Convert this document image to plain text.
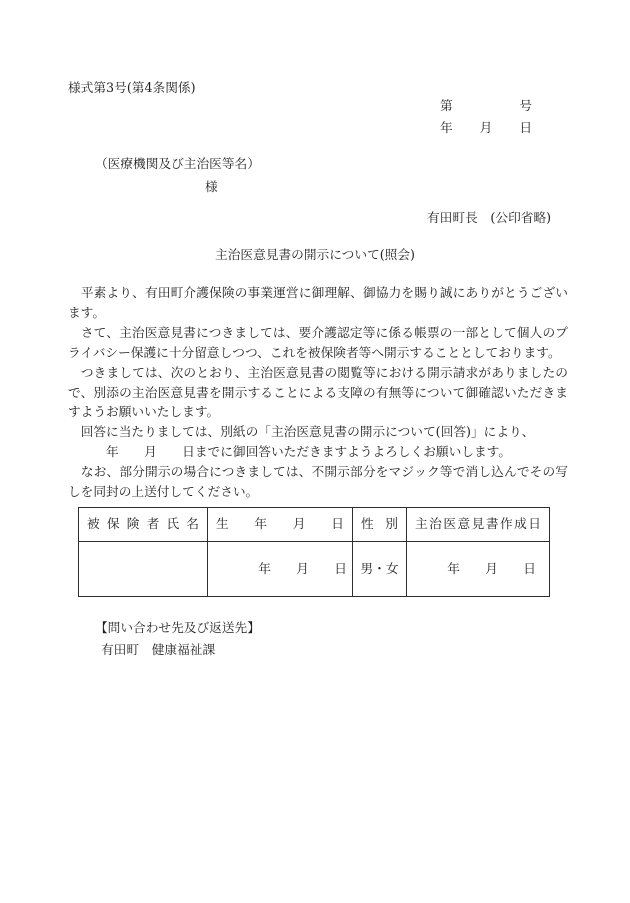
様式第3号(第4条関係)
第	号
年 月 日
（医療機関及び主治医等名）
様
有田町長　(公印省略)
主治医意見書の開示について(照会)

　平素より、有田町介護保険の事業運営に御理解、御協力を賜り誠にありがとうございます。

　さて、主治医意見書につきましては、要介護認定等に係る帳票の一部として個人のプライバシー保護に十分留意しつつ、これを被保険者等へ開示することとしております。

　つきましては、次のとおり、主治医意見書の閲覧等における開示請求がありましたので、別添の主治医意見書を開示することによる支障の有無等について御確認いただきますようお願いいたします。

　回答に当たりましては、別紙の「主治医意見書の開示について(回答)」により、

　　　年　　月　　日までに御回答いただきますようよろしくお願いします。

　なお、部分開示の場合につきましては、不開示部分をマジック等で消し込んでその写しを同封の上送付してください。

被保険者氏名	生年月日	性別	主治医意見書作成日
	年　　月　　日	男・女	年　　月　　日
【問い合わせ先及び返送先】
有田町　健康福祉課
